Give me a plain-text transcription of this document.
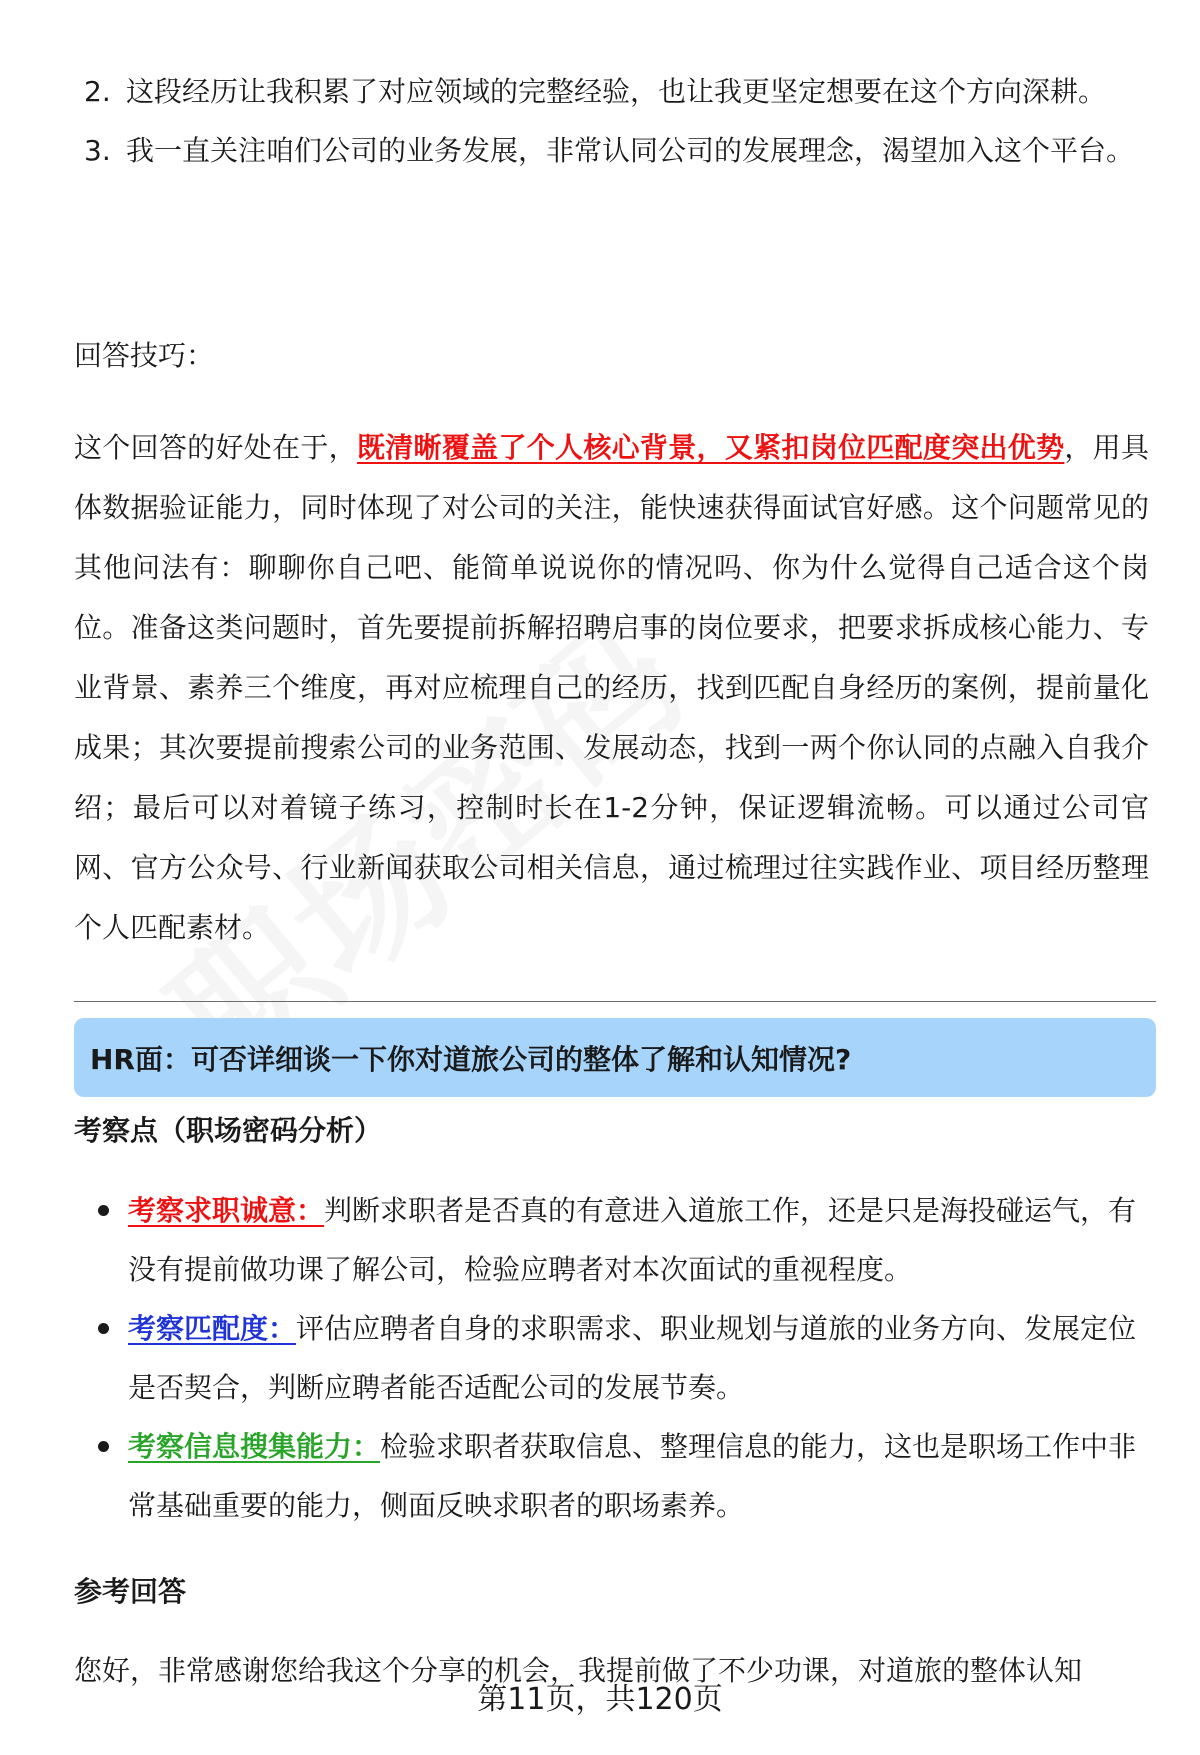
2. 这段经历让我积累了对应领域的完整经验，也让我更坚定想要在这个方向深耕。
3. 我一直关注咱们公司的业务发展，非常认同公司的发展理念，渴望加入这个平台。
回答技巧：
这个回答的好处在于，既清晰覆盖了个人核心背景，又紧扣岗位匹配度突出优势，用具体数据验证能力，同时体现了对公司的关注，能快速获得面试官好感。这个问题常见的其他问法有：聊聊你自己吧、能简单说说你的情况吗、你为什么觉得自己适合这个岗位。准备这类问题时，首先要提前拆解招聘启事的岗位要求，把要求拆成核心能力、专业背景、素养三个维度，再对应梳理自己的经历，找到匹配自身经历的案例，提前量化成果；其次要提前搜索公司的业务范围、发展动态，找到一两个你认同的点融入自我介绍；最后可以对着镜子练习，控制时长在1-2分钟，保证逻辑流畅。可以通过公司官网、官方公众号、行业新闻获取公司相关信息，通过梳理过往实践作业、项目经历整理个人匹配素材。
HR面：可否详细谈一下你对道旅公司的整体了解和认知情况?
考察点（职场密码分析）
考察求职诚意：判断求职者是否真的有意进入道旅工作，还是只是海投碰运气，有没有提前做功课了解公司，检验应聘者对本次面试的重视程度。
考察匹配度：评估应聘者自身的求职需求、职业规划与道旅的业务方向、发展定位是否契合，判断应聘者能否适配公司的发展节奏。
考察信息搜集能力：检验求职者获取信息、整理信息的能力，这也是职场工作中非常基础重要的能力，侧面反映求职者的职场素养。
参考回答
您好，非常感谢您给我这个分享的机会，我提前做了不少功课，对道旅的整体认知
第11页，共120页
